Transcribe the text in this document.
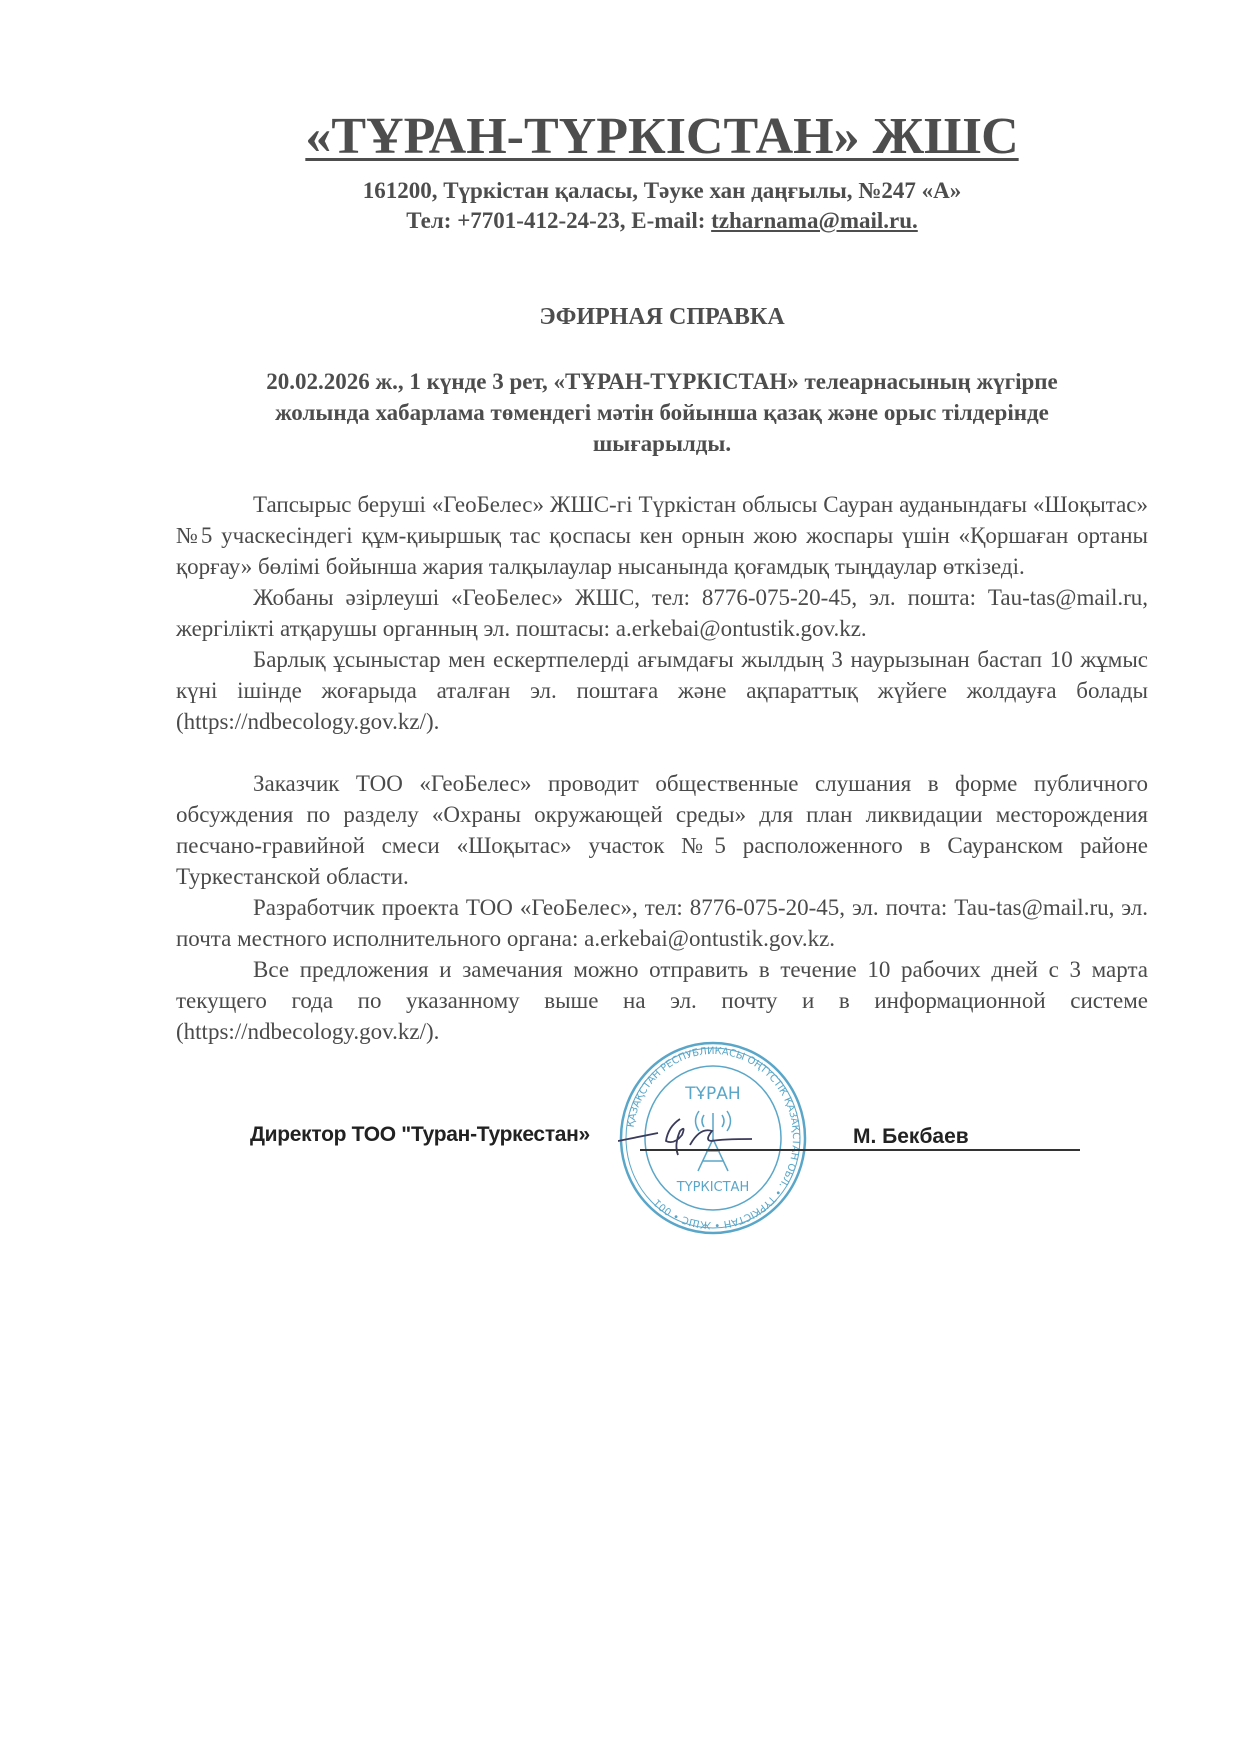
«ТҰРАН-ТҮРКІСТАН» ЖШС
161200, Түркістан қаласы, Тәуке хан даңғылы, №247 «А»
Тел: +7701-412-24-23, E-mail: tzharnama@mail.ru.
ЭФИРНАЯ СПРАВКА
20.02.2026 ж., 1 күнде 3 рет, «ТҰРАН-ТҮРКІСТАН» телеарнасының жүгірпе жолында хабарлама төмендегі мәтін бойынша қазақ және орыс тілдерінде шығарылды.

Тапсырыс беруші «ГеоБелес» ЖШС-гі Түркістан облысы Сауран ауданындағы «Шоқытас» №5 учаскесіндегі құм-қиыршық тас қоспасы кен орнын жою жоспары үшін «Қоршаған ортаны қорғау» бөлімі бойынша жария талқылаулар нысанында қоғамдық тыңдаулар өткізеді.

Жобаны әзірлеуші «ГеоБелес» ЖШС, тел: 8776-075-20-45, эл. пошта: Tau-tas@mail.ru, жергілікті атқарушы органның эл. поштасы: a.erkebai@ontustik.gov.kz.

Барлық ұсыныстар мен ескертпелерді ағымдағы жылдың 3 наурызынан бастап 10 жұмыс күні ішінде жоғарыда аталған эл. поштаға және ақпараттық жүйеге жолдауға болады (https://ndbecology.gov.kz/).

Заказчик ТОО «ГеоБелес» проводит общественные слушания в форме публичного обсуждения по разделу «Охраны окружающей среды» для план ликвидации месторождения песчано-гравийной смеси «Шоқытас» участок №5 расположенного в Сауранском районе Туркестанской области.

Разработчик проекта ТОО «ГеоБелес», тел: 8776-075-20-45, эл. почта: Tau-tas@mail.ru, эл. почта местного исполнительного органа: a.erkebai@ontustik.gov.kz.

Все предложения и замечания можно отправить в течение 10 рабочих дней с 3 марта текущего года по указанному выше на эл. почту и в информационной системе (https://ndbecology.gov.kz/).

ҚАЗАҚСТАН РЕСПУБЛИКАСЫ ОҢТҮСТІК ҚАЗАҚСТ Н ОБЛ. • ТҮРКІСТАН • ЖШС • 001
ТҰРАН
ТҮРКІСТАН
Директор ТОО "Туран-Туркестан»	М. Бекбаев
